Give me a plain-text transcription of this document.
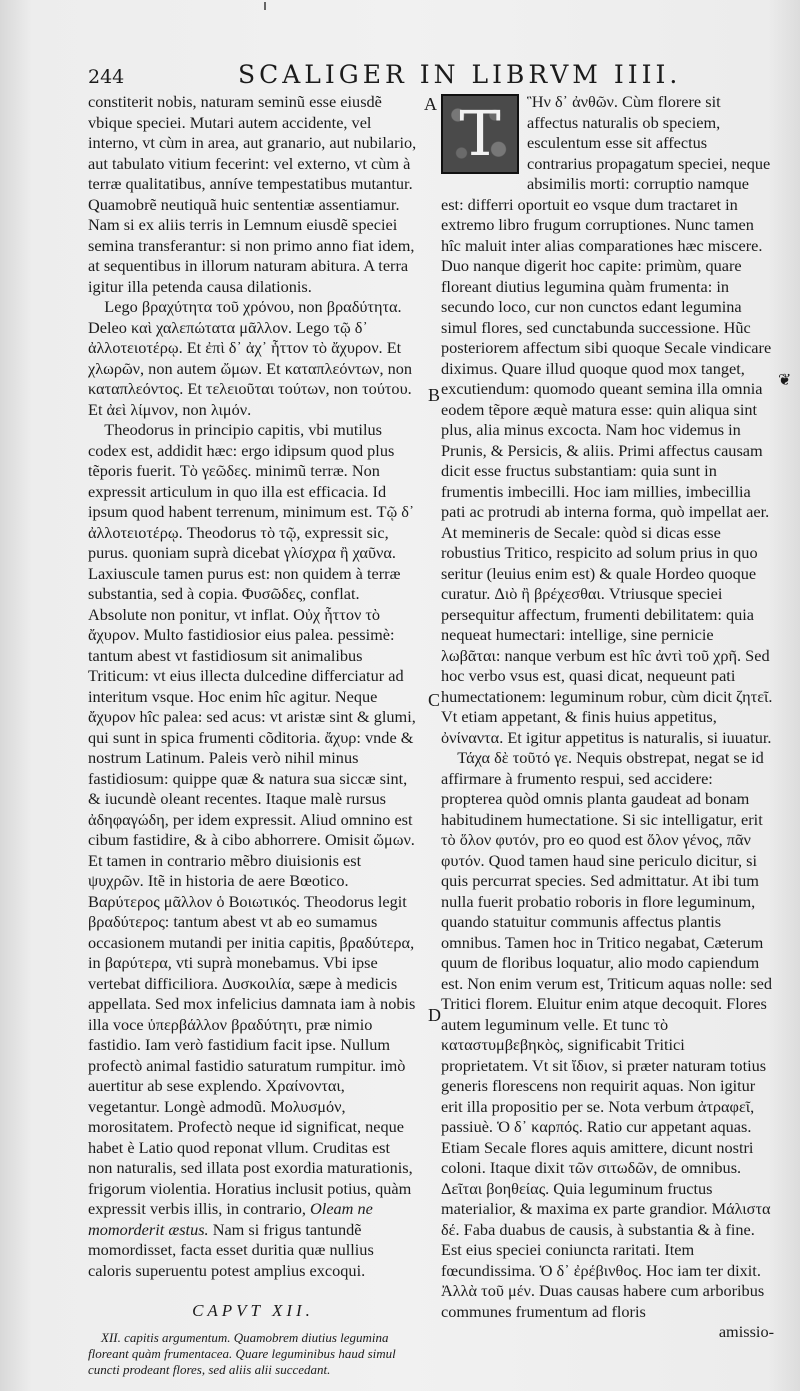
244	SCALIGER IN LIBRVM IIII.
A
B
C
D
❦

constiterit nobis, naturam seminũ esse eiusdẽ vbique speciei. Mutari autem accidente, vel interno, vt cùm in area, aut granario, aut nubilario, aut tabulato vitium fecerint: vel externo, vt cùm à terræ qualitatibus, anníve tempestatibus mutantur. Quamobrẽ neutiquã huic sententiæ assentiamur. Nam si ex aliis terris in Lemnum eiusdẽ speciei semina transferantur: si non primo anno fiat idem, at sequentibus in illorum naturam abitura. A terra igitur illa petenda causa dilationis.

Lego βραχύτητα τοῦ χρόνου, non βραδύτητα. Deleo καὶ χαλεπώτατα μᾶλλον. Lego τῷ δ᾽ ἀλλοτειοτέρῳ. Et ἐπὶ δ᾽ ἀχ᾽ ἧττον τὸ ἄχυρον. Et χλωρῶν, non autem ὤμων. Et καταπλεόντων, non καταπλεόντος. Et τελειοῦται τούτων, non τούτου. Et ἀεὶ λίμνον, non λιμόν.

Theodorus in principio capitis, vbi mutilus codex est, addidit hæc: ergo idipsum quod plus tẽporis fuerit. Τὸ γεῶδες. minimũ terræ. Non expressit articulum in quo illa est efficacia. Id ipsum quod habent terrenum, minimum est. Τῷ δ᾽ ἀλλοτειοτέρῳ. Theodorus τὸ τῷ, expressit sic, purus. quoniam suprà dicebat γλίσχρα ἢ χαῦνα. Laxiuscule tamen purus est: non quidem à terræ substantia, sed à copia. Φυσῶδες, conflat. Absolute non ponitur, vt inflat. Οὐχ ἧττον τὸ ἄχυρον. Multo fastidiosior eius palea. pessimè: tantum abest vt fastidiosum sit animalibus Triticum: vt eius illecta dulcedine differciatur ad interitum vsque. Hoc enim hîc agitur. Neque ἄχυρον hîc palea: sed acus: vt aristæ sint & glumi, qui sunt in spica frumenti cõditoria. ἄχυρ: vnde & nostrum Latinum. Paleis verò nihil minus fastidiosum: quippe quæ & natura sua siccæ sint, & iucundè oleant recentes. Itaque malè rursus ἀδηφαγώδη, per idem expressit. Aliud omnino est cibum fastidire, & à cibo abhorrere. Omisit ὤμων. Et tamen in contrario mẽbro diuisionis est ψυχρῶν. Itẽ in historia de aere Bœotico. Βαρύτερος μᾶλλον ὁ Βοιωτικός. Theodorus legit βραδύτερος: tantum abest vt ab eo sumamus occasionem mutandi per initia capitis, βραδύτερα, in βαρύτερα, vti suprà monebamus. Vbi ipse vertebat difficiliora. Δυσκοιλία, sæpe à medicis appellata. Sed mox infelicius damnata iam à nobis illa voce ὑπερβάλλον βραδύτητι, præ nimio fastidio. Iam verò fastidium facit ipse. Nullum profectò animal fastidio saturatum rumpitur. imò auertitur ab sese explendo. Χραίνονται, vegetantur. Longè admodũ. Μολυσμόν, morositatem. Profectò neque id significat, neque habet è Latio quod reponat vllum. Cruditas est non naturalis, sed illata post exordia maturationis, frigorum violentia. Horatius inclusit potius, quàm expressit verbis illis, in contrario, Oleam ne momorderit æstus. Nam si frigus tantundẽ momordisset, facta esset duritia quæ nullius caloris superuentu potest amplius excoqui.

CAPVT XII.

XII. capitis argumentum. Quamobrem diutius legumina floreant quàm frumentacea. Quare leguminibus haud simul cuncti prodeant flores, sed aliis alii succedant.

T	Ἣν δ᾽ ἀνθῶν. Cùm florere sit affectus naturalis ob speciem, esculentum esse sit affectus contrarius propagatum speciei, neque absimilis morti: corruptio namque est: differri oportuit eo vsque dum tractaret in extremo libro frugum corruptiones. Nunc tamen hîc maluit inter alias comparationes hæc miscere. Duo nanque digerit hoc capite: primùm, quare floreant diutius legumina quàm frumenta: in secundo loco, cur non cunctos edant legumina simul flores, sed cunctabunda successione. Hũc posteriorem affectum sibi quoque Secale vindicare diximus. Quare illud quoque quod mox tanget, excutiendum: quomodo queant semina illa omnia eodem tẽpore æquè matura esse: quin aliqua sint plus, alia minus excocta. Nam hoc videmus in Prunis, & Persicis, & aliis. Primi affectus causam dicit esse fructus substantiam: quia sunt in frumentis imbecilli. Hoc iam millies, imbecillia pati ac protrudi ab interna forma, quò impellat aer. At memineris de Secale: quòd si dicas esse robustius Tritico, respicito ad solum prius in quo seritur (leuius enim est) & quale Hordeo quoque curatur. Διὸ ἢ βρέχεσθαι. Vtriusque speciei persequitur affectum, frumenti debilitatem: quia nequeat humectari: intellige, sine pernicie λωβᾶται: nanque verbum est hîc ἀντὶ τοῦ χρῆ. Sed hoc verbo vsus est, quasi dicat, nequeunt pati humectationem: leguminum robur, cùm dicit ζητεῖ. Vt etiam appetant, & finis huius appetitus, ὀνίναντα. Et igitur appetitus is naturalis, si iuuatur.

Τάχα δὲ τοῦτό γε. Nequis obstrepat, negat se id affirmare à frumento respui, sed accidere: propterea quòd omnis planta gaudeat ad bonam habitudinem humectatione. Si sic intelligatur, erit τὸ ὅλον φυτόν, pro eo quod est ὅλον γένος, πᾶν φυτόν. Quod tamen haud sine periculo dicitur, si quis percurrat species. Sed admittatur. At ibi tum nulla fuerit probatio roboris in flore leguminum, quando statuitur communis affectus plantis omnibus. Tamen hoc in Tritico negabat, Cæterum quum de floribus loquatur, alio modo capiendum est. Non enim verum est, Triticum aquas nolle: sed Tritici florem. Eluitur enim atque decoquit. Flores autem leguminum velle. Et tunc τὸ καταστυμβεβηκὸς, significabit Tritici proprietatem. Vt sit ἴδιον, si præter naturam totius generis florescens non requirit aquas. Non igitur erit illa propositio per se. Nota verbum ἀτραφεῖ, passiuè. Ὁ δ᾽ καρπός. Ratio cur appetant aquas. Etiam Secale flores aquis amittere, dicunt nostri coloni. Itaque dixit τῶν σιτωδῶν, de omnibus. Δεῖται βοηθείας. Quia leguminum fructus materialior, & maxima ex parte grandior. Μάλιστα δέ. Faba duabus de causis, à substantia & à fine. Est eius speciei coniuncta raritati. Item fœcundissima. Ὁ δ᾽ ἐρέβινθος. Hoc iam ter dixit. Ἀλλὰ τοῦ μέν. Duas causas habere cum arboribus communes frumentum ad floris

amissio-
